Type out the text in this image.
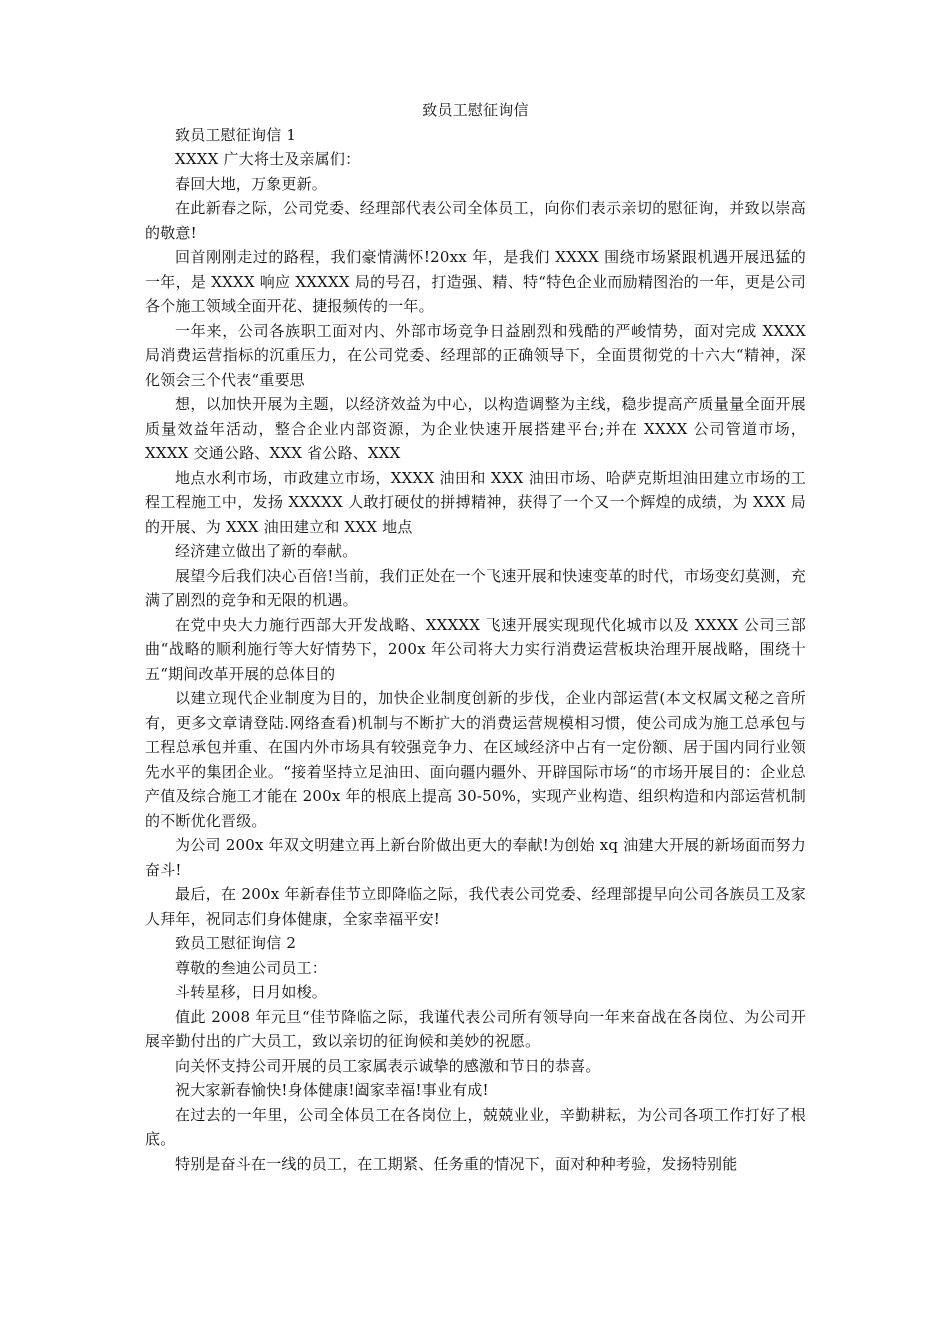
致员工慰征询信

致员工慰征询信 1

XXXX 广大将士及亲属们：

春回大地，万象更新。

在此新春之际，公司党委、经理部代表公司全体员工，向你们表示亲切的慰征询，并致以崇高的敬意!

回首刚刚走过的路程，我们豪情满怀!20xx 年，是我们 XXXX 围绕市场紧跟机遇开展迅猛的一年，是 XXXX 响应 XXXXX 局的号召，打造强、精、特“特色企业而励精图治的一年，更是公司各个施工领域全面开花、捷报频传的一年。

一年来，公司各族职工面对内、外部市场竞争日益剧烈和残酷的严峻情势，面对完成 XXXX 局消费运营指标的沉重压力，在公司党委、经理部的正确领导下，全面贯彻党的十六大“精神，深化领会三个代表“重要思

想，以加快开展为主题，以经济效益为中心，以构造调整为主线，稳步提高产质量量全面开展质量效益年活动，整合企业内部资源，为企业快速开展搭建平台;并在 XXXX 公司管道市场，XXXX 交通公路、XXX 省公路、XXX

地点水利市场，市政建立市场，XXXX 油田和 XXX 油田市场、哈萨克斯坦油田建立市场的工程工程施工中，发扬 XXXXX 人敢打硬仗的拼搏精神，获得了一个又一个辉煌的成绩，为 XXX 局的开展、为 XXX 油田建立和 XXX 地点

经济建立做出了新的奉献。

展望今后我们决心百倍!当前，我们正处在一个飞速开展和快速变革的时代，市场变幻莫测，充满了剧烈的竞争和无限的机遇。

在党中央大力施行西部大开发战略、XXXXX 飞速开展实现现代化城市以及 XXXX 公司三部曲“战略的顺利施行等大好情势下，200x 年公司将大力实行消费运营板块治理开展战略，围绕十五“期间改革开展的总体目的

以建立现代企业制度为目的，加快企业制度创新的步伐，企业内部运营(本文权属文秘之音所有，更多文章请登陆.网络查看)机制与不断扩大的消费运营规模相习惯，使公司成为施工总承包与工程总承包并重、在国内外市场具有较强竞争力、在区域经济中占有一定份额、居于国内同行业领先水平的集团企业。“接着坚持立足油田、面向疆内疆外、开辟国际市场“的市场开展目的：企业总产值及综合施工才能在 200x 年的根底上提高 30-50%，实现产业构造、组织构造和内部运营机制的不断优化晋级。

为公司 200x 年双文明建立再上新台阶做出更大的奉献!为创始 xq 油建大开展的新场面而努力奋斗!

最后，在 200x 年新春佳节立即降临之际，我代表公司党委、经理部提早向公司各族员工及家人拜年，祝同志们身体健康，全家幸福平安!

致员工慰征询信 2

尊敬的叁迪公司员工：

斗转星移，日月如梭。

值此 2008 年元旦“佳节降临之际，我谨代表公司所有领导向一年来奋战在各岗位、为公司开展辛勤付出的广大员工，致以亲切的征询候和美妙的祝愿。

向关怀支持公司开展的员工家属表示诚挚的感激和节日的恭喜。

祝大家新春愉快!身体健康!阖家幸福!事业有成!

在过去的一年里，公司全体员工在各岗位上，兢兢业业，辛勤耕耘，为公司各项工作打好了根底。

特别是奋斗在一线的员工，在工期紧、任务重的情况下，面对种种考验，发扬特别能
